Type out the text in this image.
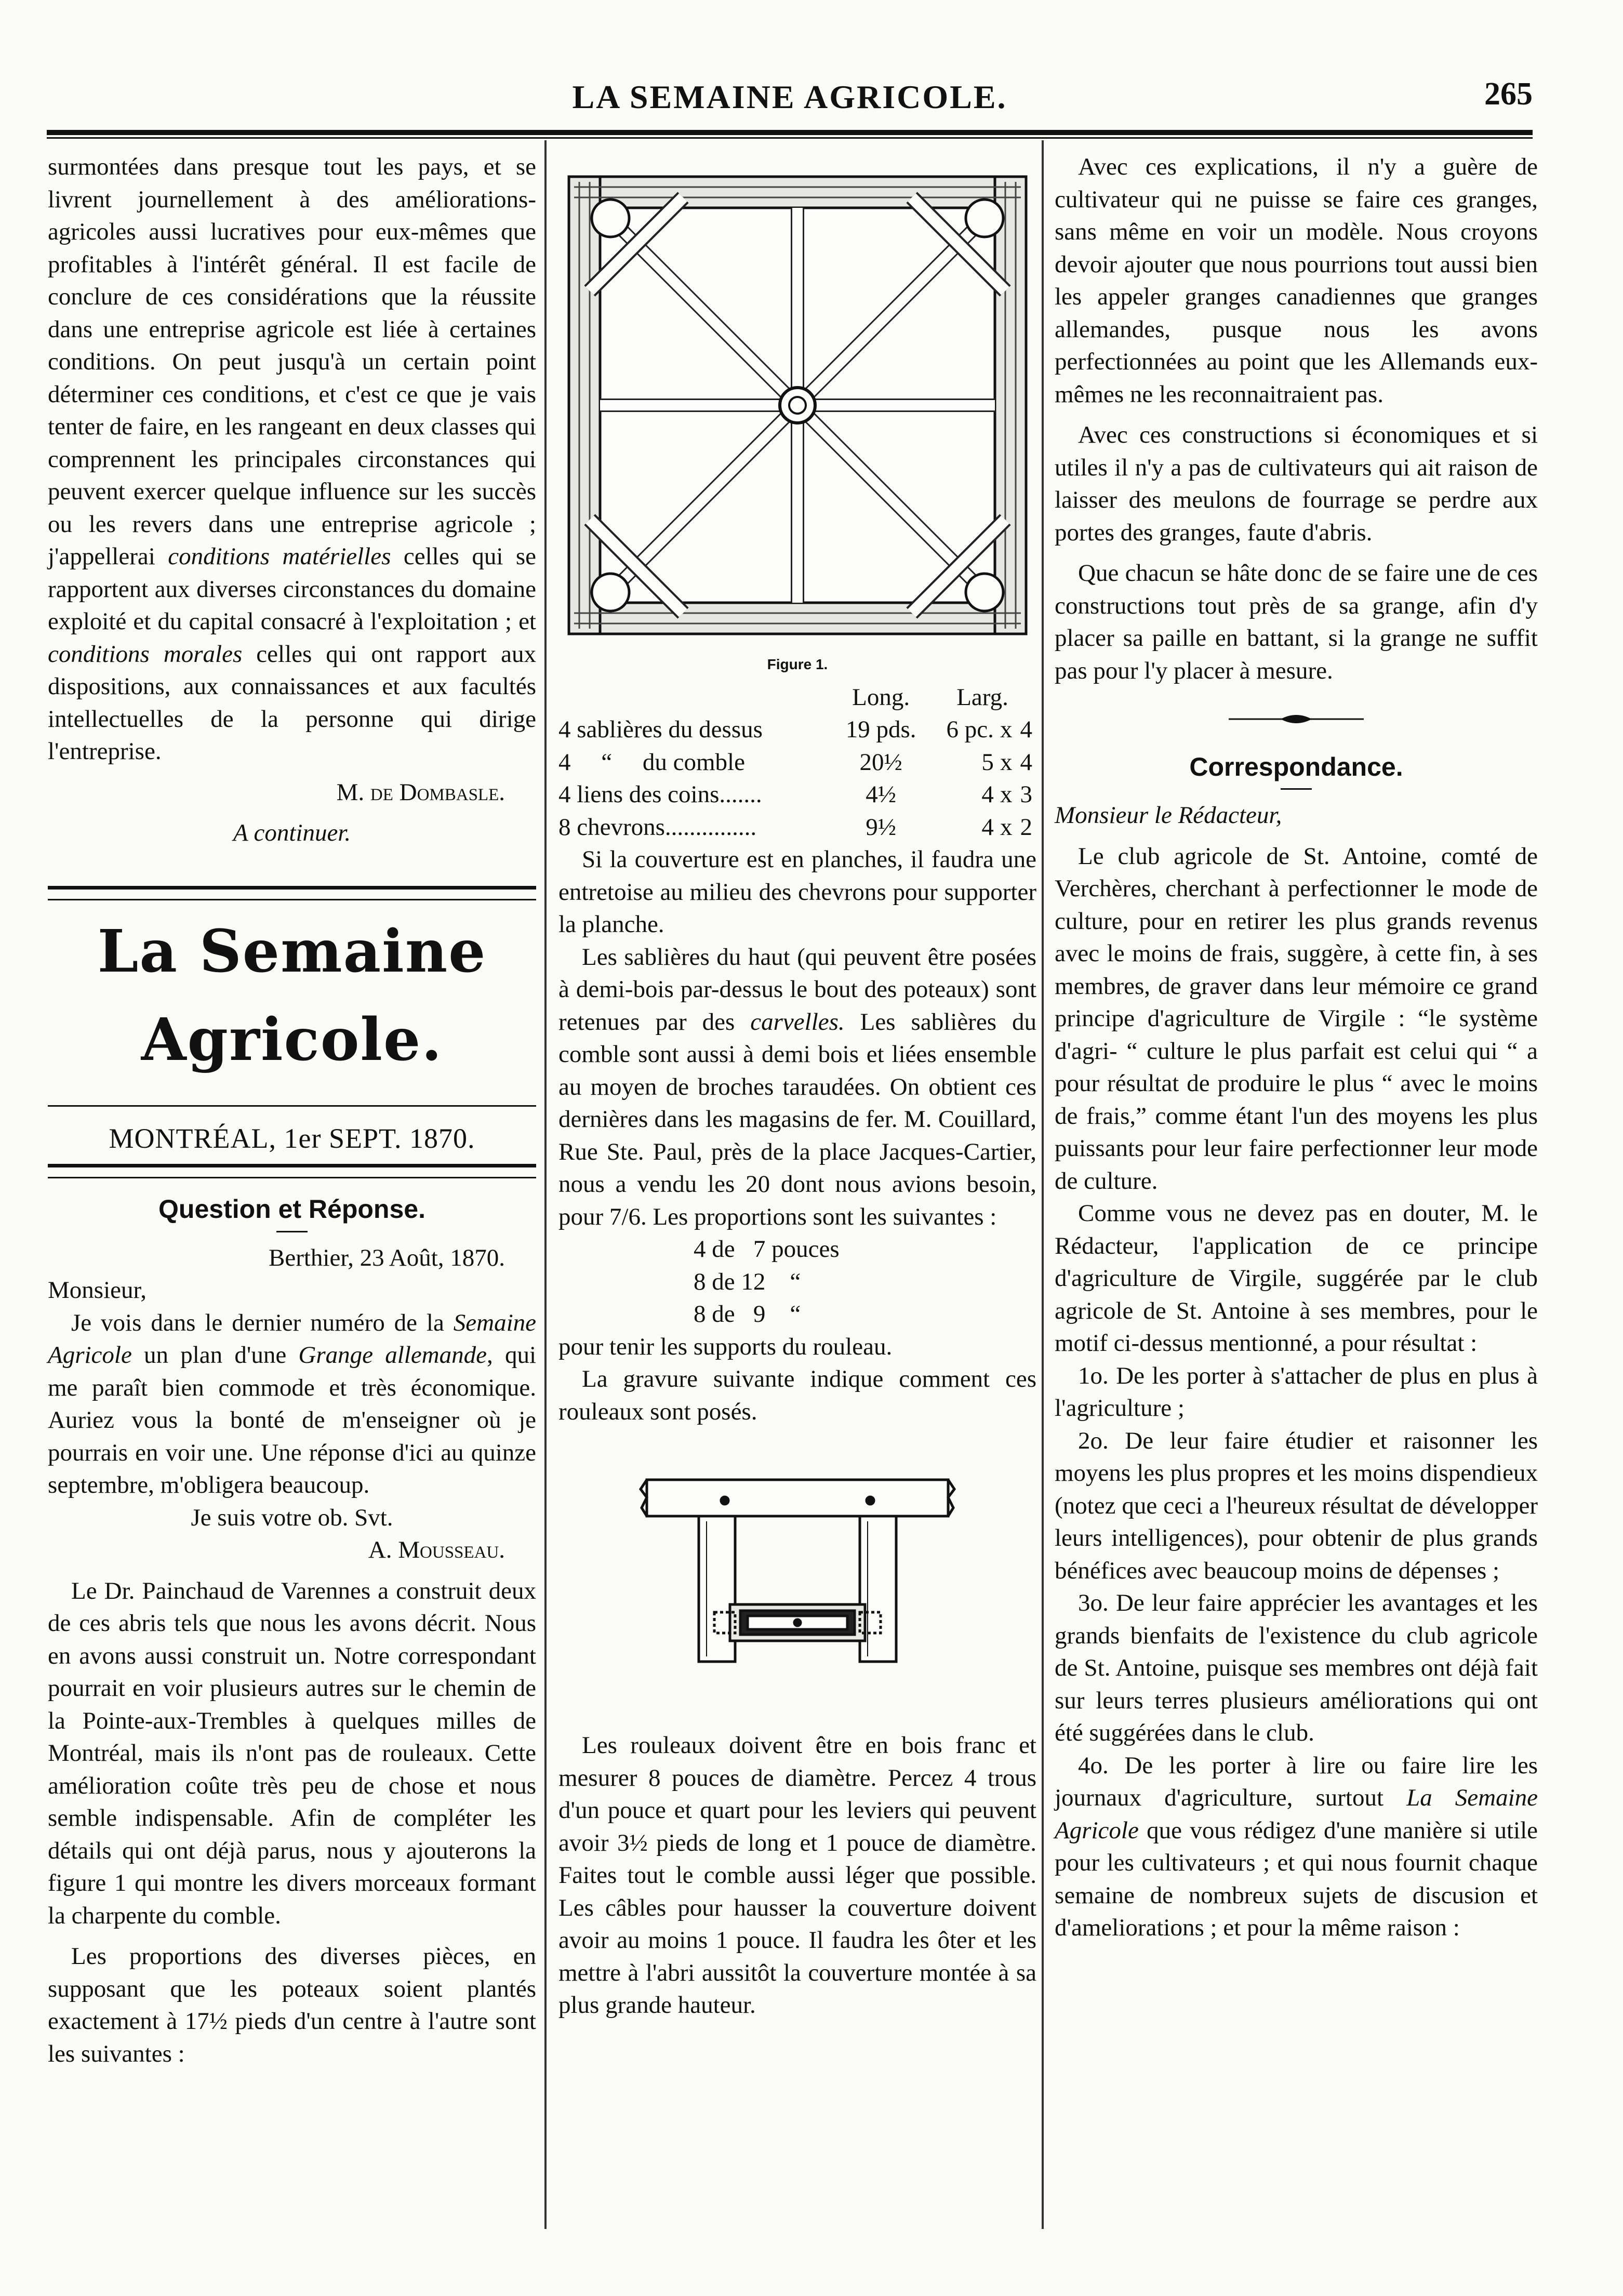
LA SEMAINE AGRICOLE.	265

surmontées dans presque tout les pays, et se livrent journellement à des améliorations-agricoles aussi lucratives pour eux-mêmes que profitables à l'intérêt général. Il est facile de conclure de ces considérations que la réussite dans une entreprise agricole est liée à certaines conditions. On peut jusqu'à un certain point déterminer ces conditions, et c'est ce que je vais tenter de faire, en les rangeant en deux classes qui comprennent les principales circonstances qui peuvent exercer quelque influence sur les succès ou les revers dans une entreprise agricole ; j'appellerai conditions matérielles celles qui se rapportent aux diverses circonstances du domaine exploité et du capital consacré à l'exploitation ; et conditions morales celles qui ont rapport aux dispositions, aux connaissances et aux facultés intellectuelles de la personne qui dirige l'entreprise.

M. de Dombasle.

A continuer.

La Semaine Agricole.
MONTRÉAL, 1er SEPT. 1870.
Question et Réponse.

Berthier, 23 Août, 1870.

Monsieur,

Je vois dans le dernier numéro de la Semaine Agricole un plan d'une Grange allemande, qui me paraît bien commode et très économique. Auriez vous la bonté de m'enseigner où je pourrais en voir une. Une réponse d'ici au quinze septembre, m'obligera beaucoup.

Je suis votre ob. Svt.

A. Mousseau.

Le Dr. Painchaud de Varennes a construit deux de ces abris tels que nous les avons décrit. Nous en avons aussi construit un. Notre correspondant pourrait en voir plusieurs autres sur le chemin de la Pointe-aux-Trembles à quelques milles de Montréal, mais ils n'ont pas de rouleaux. Cette amélioration coûte très peu de chose et nous semble indispensable. Afin de compléter les détails qui ont déjà parus, nous y ajouterons la figure 1 qui montre les divers morceaux formant la charpente du comble.

Les proportions des diverses pièces, en supposant que les poteaux soient plantés exactement à 17½ pieds d'un centre à l'autre sont les suivantes :

Figure 1.
	Long.	Larg.		
4 sablières du dessus	19 pds.	6 pc.	x	4
4     “     du comble	20½	5	x	4
4 liens des coins.......	4½	4	x	3
8 chevrons...............	9½	4	x	2

Si la couverture est en planches, il faudra une entretoise au milieu des chevrons pour supporter la planche.

Les sablières du haut (qui peuvent être posées à demi-bois par-dessus le bout des poteaux) sont retenues par des carvelles. Les sablières du comble sont aussi à demi bois et liées ensemble au moyen de broches taraudées. On obtient ces dernières dans les magasins de fer. M. Couillard, Rue Ste. Paul, près de la place Jacques-Cartier, nous a vendu les 20 dont nous avions besoin, pour 7/6. Les proportions sont les suivantes :

4 de   7 pouces

8 de 12    “

8 de   9    “

pour tenir les supports du rouleau.

La gravure suivante indique comment ces rouleaux sont posés.

Les rouleaux doivent être en bois franc et mesurer 8 pouces de diamètre. Percez 4 trous d'un pouce et quart pour les leviers qui peuvent avoir 3½ pieds de long et 1 pouce de diamètre. Faites tout le comble aussi léger que possible. Les câbles pour hausser la couverture doivent avoir au moins 1 pouce. Il faudra les ôter et les mettre à l'abri aussitôt la couverture montée à sa plus grande hauteur.

Avec ces explications, il n'y a guère de cultivateur qui ne puisse se faire ces granges, sans même en voir un modèle. Nous croyons devoir ajouter que nous pourrions tout aussi bien les appeler granges canadiennes que granges allemandes, pusque nous les avons perfectionnées au point que les Allemands eux-mêmes ne les reconnaitraient pas.

Avec ces constructions si économiques et si utiles il n'y a pas de cultivateurs qui ait raison de laisser des meulons de fourrage se perdre aux portes des granges, faute d'abris.

Que chacun se hâte donc de se faire une de ces constructions tout près de sa grange, afin d'y placer sa paille en battant, si la grange ne suffit pas pour l'y placer à mesure.

Correspondance.

Monsieur le Rédacteur,

Le club agricole de St. Antoine, comté de Verchères, cherchant à perfectionner le mode de culture, pour en retirer les plus grands revenus avec le moins de frais, suggère, à cette fin, à ses membres, de graver dans leur mémoire ce grand principe d'agriculture de Virgile : “le système d'agri- “ culture le plus parfait est celui qui “ a pour résultat de produire le plus “ avec le moins de frais,” comme étant l'un des moyens les plus puissants pour leur faire perfectionner leur mode de culture.

Comme vous ne devez pas en douter, M. le Rédacteur, l'application de ce principe d'agriculture de Virgile, suggérée par le club agricole de St. Antoine à ses membres, pour le motif ci-dessus mentionné, a pour résultat :

1o. De les porter à s'attacher de plus en plus à l'agriculture ;

2o. De leur faire étudier et raisonner les moyens les plus propres et les moins dispendieux (notez que ceci a l'heureux résultat de développer leurs intelligences), pour obtenir de plus grands bénéfices avec beaucoup moins de dépenses ;

3o. De leur faire apprécier les avantages et les grands bienfaits de l'existence du club agricole de St. Antoine, puisque ses membres ont déjà fait sur leurs terres plusieurs améliorations qui ont été suggérées dans le club.

4o. De les porter à lire ou faire lire les journaux d'agriculture, surtout La Semaine Agricole que vous rédigez d'une manière si utile pour les cultivateurs ; et qui nous fournit chaque semaine de nombreux sujets de discusion et d'ameliorations ; et pour la même raison :
